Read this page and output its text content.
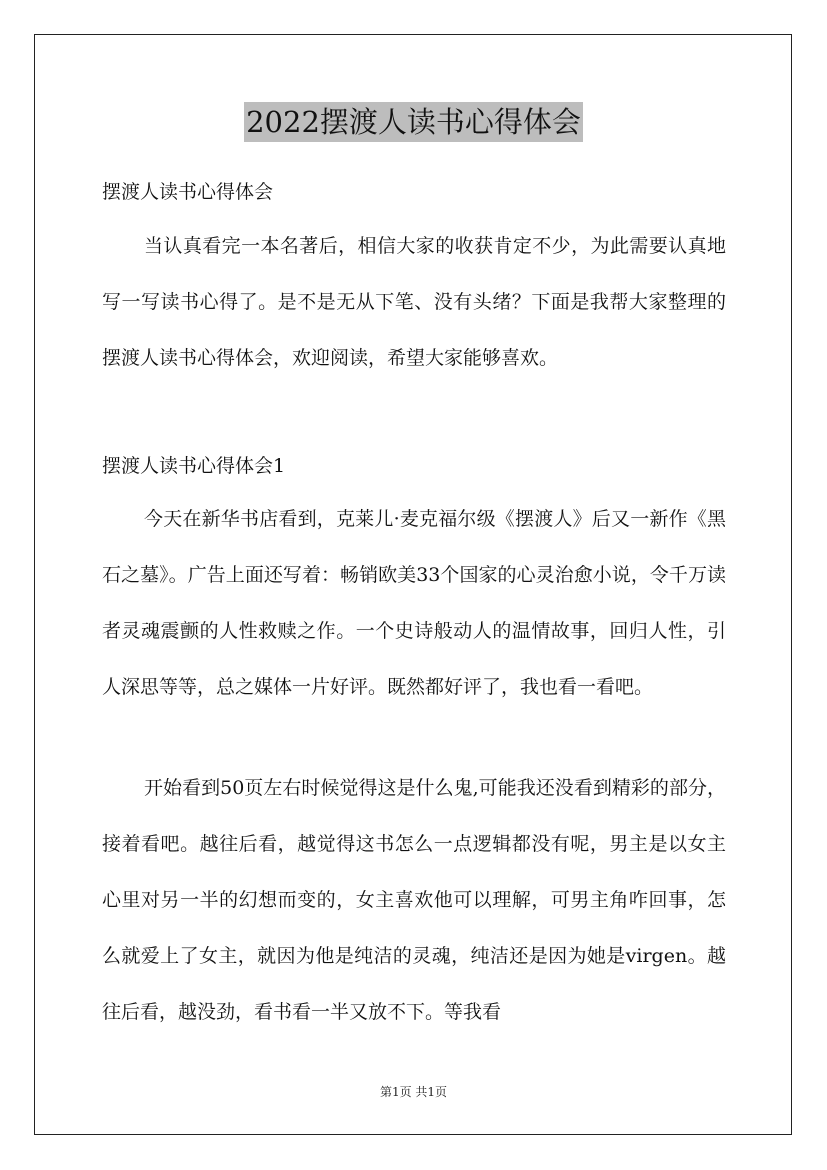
2022摆渡人读书心得体会
摆渡人读书心得体会

当认真看完一本名著后，相信大家的收获肯定不少，为此需要认真地写一写读书心得了。是不是无从下笔、没有头绪？下面是我帮大家整理的摆渡人读书心得体会，欢迎阅读，希望大家能够喜欢。

摆渡人读书心得体会1

今天在新华书店看到，克莱儿·麦克福尔级《摆渡人》后又一新作《黑石之墓》。广告上面还写着：畅销欧美33个国家的心灵治愈小说，令千万读者灵魂震颤的人性救赎之作。一个史诗般动人的温情故事，回归人性，引人深思等等，总之媒体一片好评。既然都好评了，我也看一看吧。

开始看到50页左右时候觉得这是什么鬼,可能我还没看到精彩的部分，接着看吧。越往后看，越觉得这书怎么一点逻辑都没有呢，男主是以女主心里对另一半的幻想而变的，女主喜欢他可以理解，可男主角咋回事，怎么就爱上了女主，就因为他是纯洁的灵魂，纯洁还是因为她是virgen。越往后看，越没劲，看书看一半又放不下。等我看

第1页 共1页
